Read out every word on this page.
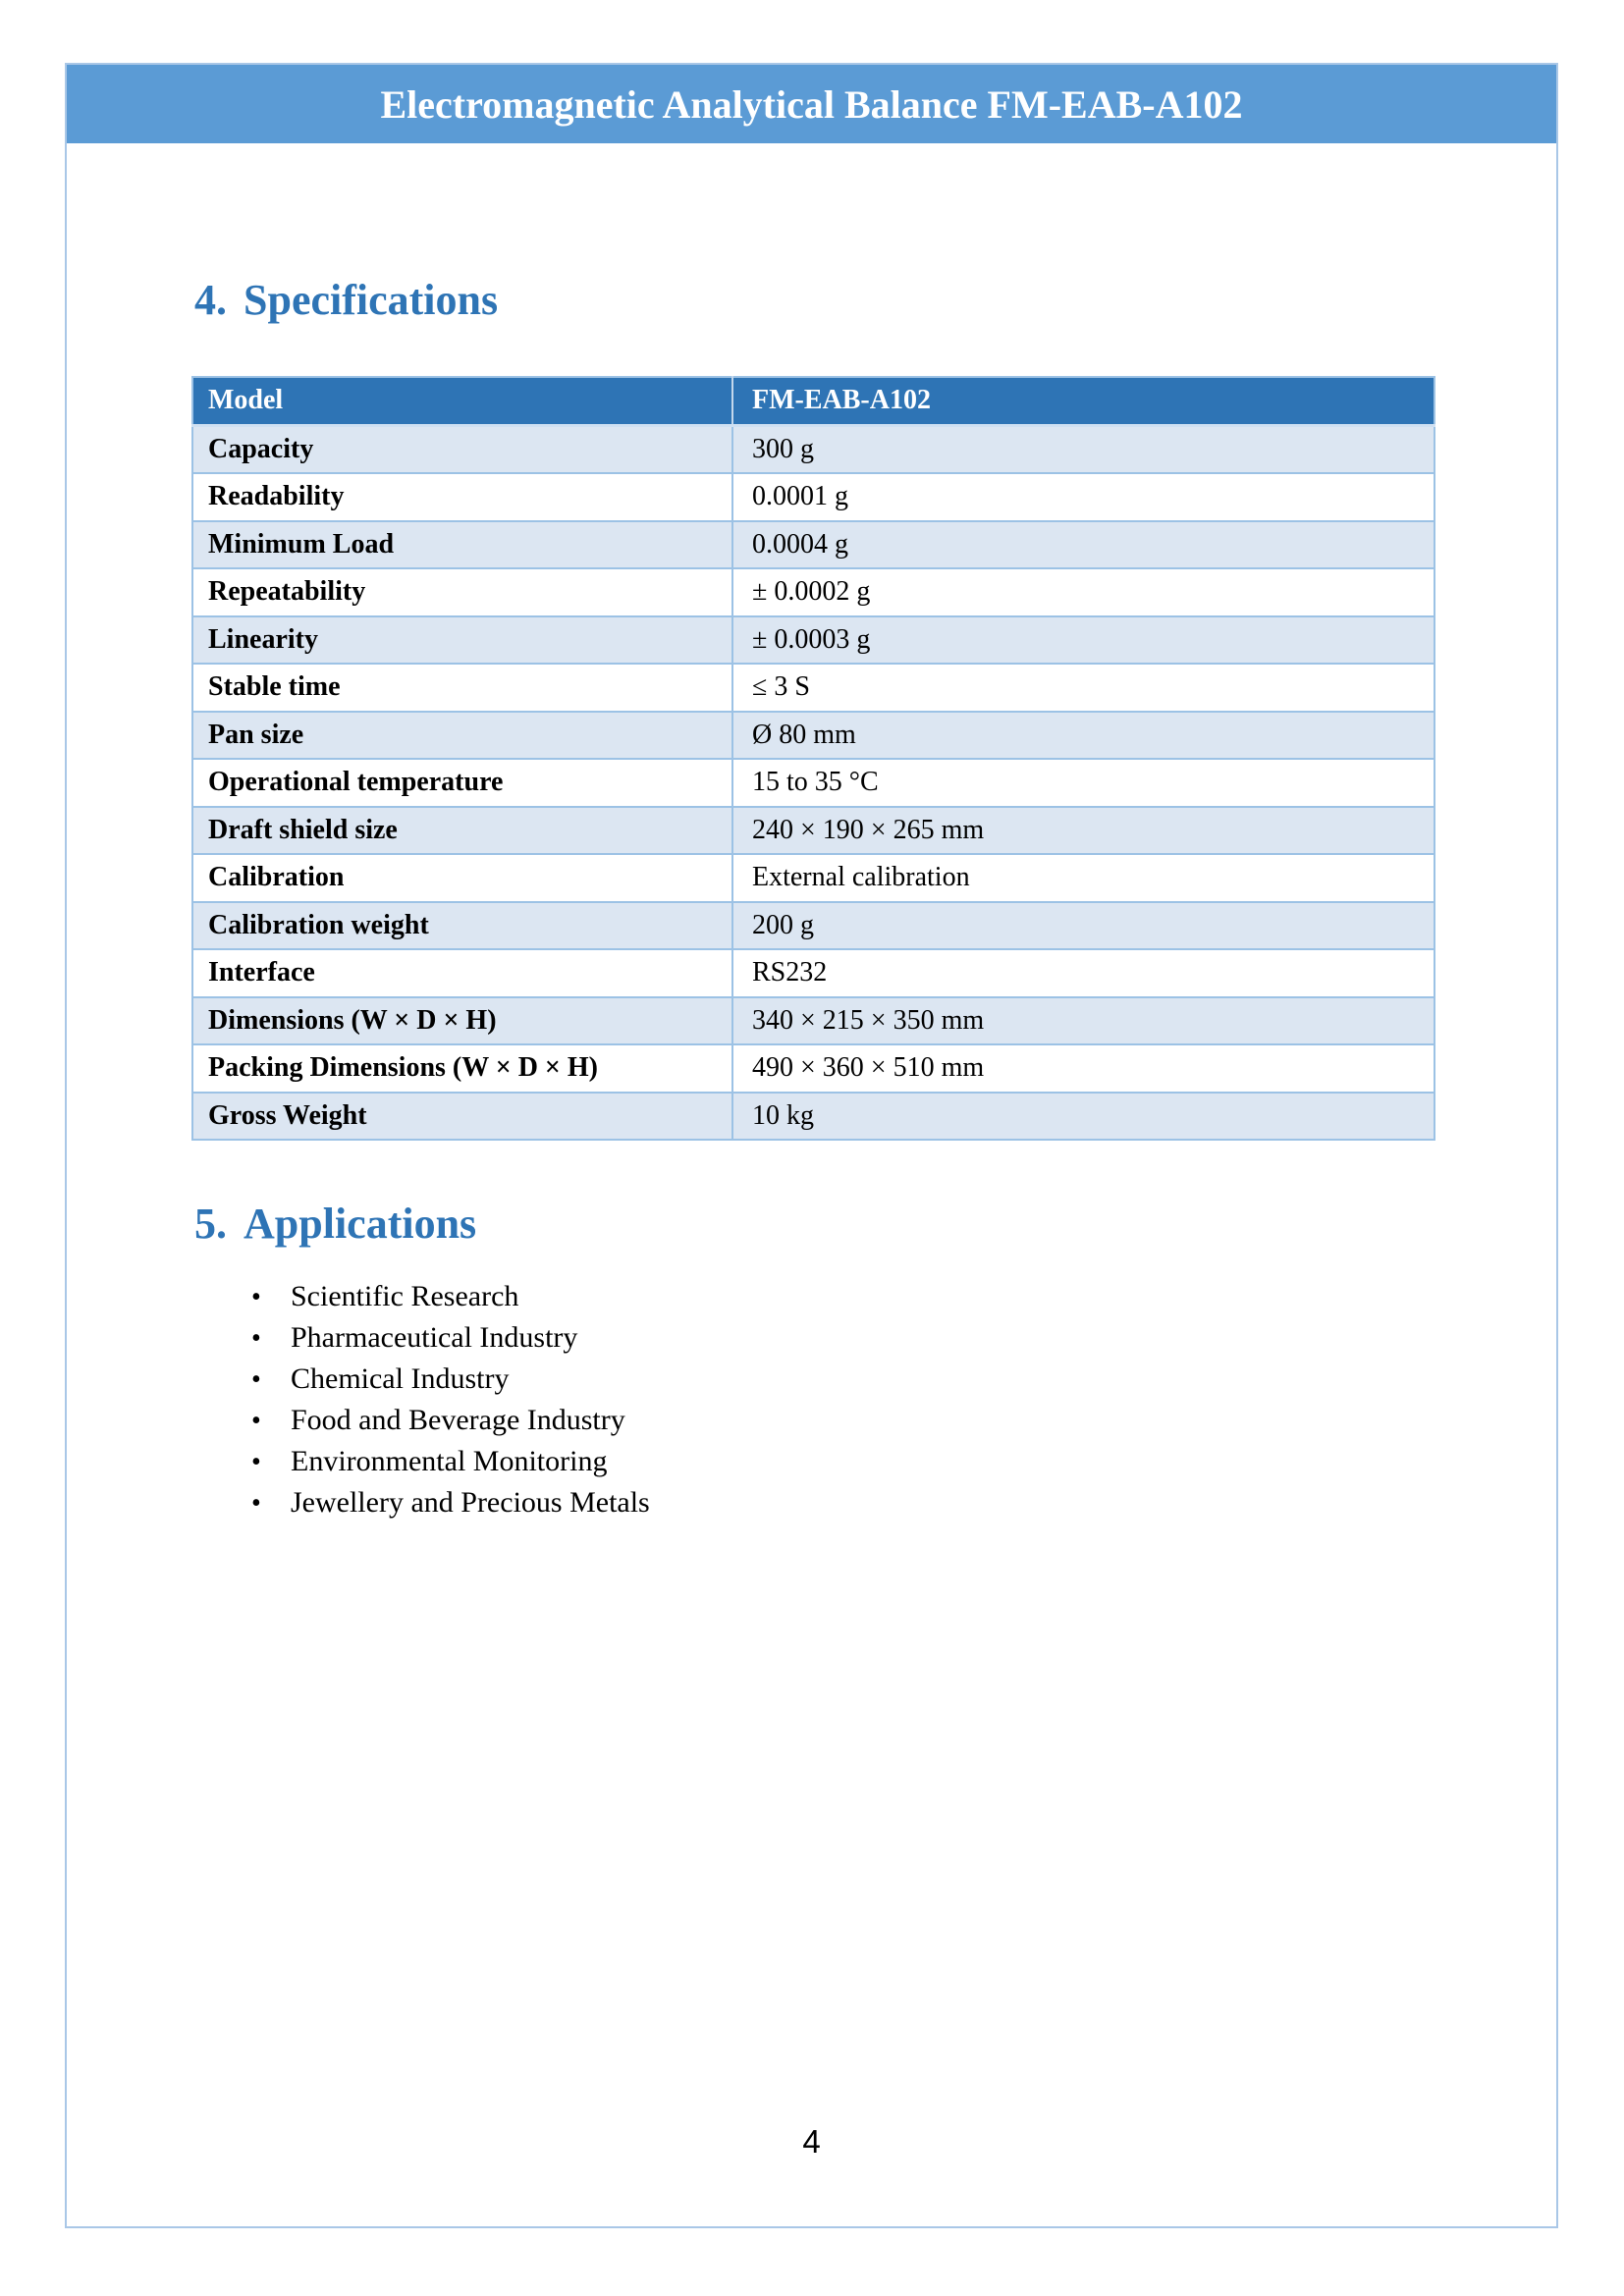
Electromagnetic Analytical Balance FM-EAB-A102
4. Specifications
Model	FM-EAB-A102
Capacity	300 g
Readability	0.0001 g
Minimum Load	0.0004 g
Repeatability	± 0.0002 g
Linearity	± 0.0003 g
Stable time	≤ 3 S
Pan size	Ø 80 mm
Operational temperature	15 to 35 °C
Draft shield size	240 × 190 × 265 mm
Calibration	External calibration
Calibration weight	200 g
Interface	RS232
Dimensions (W × D × H)	340 × 215 × 350 mm
Packing Dimensions (W × D × H)	490 × 360 × 510 mm
Gross Weight	10 kg
5. Applications
•	Scientific Research
•	Pharmaceutical Industry
•	Chemical Industry
•	Food and Beverage Industry
•	Environmental Monitoring
•	Jewellery and Precious Metals
4
